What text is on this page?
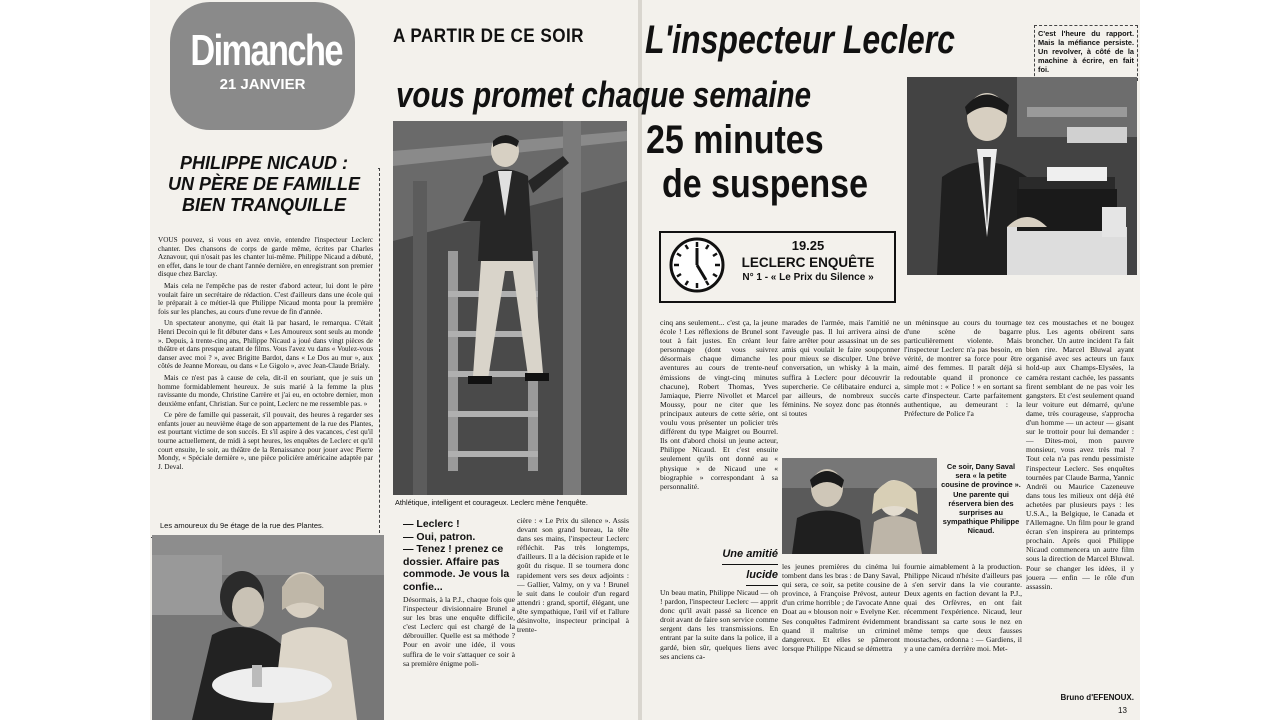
Dimanche
21 JANVIER
A PARTIR DE CE SOIR L'inspecteur Leclerc
vous promet chaque semaine
25 minutes
de suspense
PHILIPPE NICAUD :
UN PÈRE DE FAMILLE
BIEN TRANQUILLE

VOUS pouvez, si vous en avez envie, entendre l'inspecteur Leclerc chanter. Des chansons de corps de garde même, écrites par Charles Aznavour, qui n'osait pas les chanter lui-même. Philippe Nicaud a débuté, en effet, dans le tour de chant l'année dernière, en enregistrant son premier disque chez Barclay.

Mais cela ne l'empêche pas de rester d'abord acteur, lui dont le père voulait faire un secrétaire de rédaction. C'est d'ailleurs dans une école qui le préparait à ce métier-là que Philippe Nicaud monta pour la première fois sur les planches, au cours d'une revue de fin d'année.

Un spectateur anonyme, qui était là par hasard, le remarqua. C'était Henri Decoin qui le fit débuter dans « Les Amoureux sont seuls au monde ». Depuis, à trente-cinq ans, Philippe Nicaud a joué dans vingt pièces de théâtre et dans presque autant de films. Vous l'avez vu dans « Voulez-vous danser avec moi ? », avec Brigitte Bardot, dans « Le Dos au mur », aux côtés de Jeanne Moreau, ou dans « Le Gigolo », avec Jean-Claude Brialy.

Mais ce n'est pas à cause de cela, dit-il en souriant, que je suis un homme formidablement heureux. Je suis marié à la femme la plus ravissante du monde, Christine Carrère et j'ai eu, en octobre dernier, mon deuxième enfant, Christian. Sur ce point, Leclerc ne me ressemble pas. »

Ce père de famille qui passerait, s'il pouvait, des heures à regarder ses enfants jouer au neuvième étage de son appartement de la rue des Plantes, est pourtant victime de son succès. Et s'il aspire à des vacances, c'est qu'il tourne actuellement, de midi à sept heures, les enquêtes de Leclerc et qu'il court ensuite, le soir, au théâtre de la Renaissance pour jouer avec Pierre Mondy, « Spéciale dernière », une pièce policière américaine adaptée par J. Deval.

Les amoureux du 9e étage de la rue des Plantes.
Athlétique, intelligent et courageux. Leclerc mène l'enquête.
— Leclerc !
— Oui, patron.
— Tenez ! prenez ce dossier. Affaire pas commode. Je vous la confie...
Désormais, à la P.J., chaque fois que l'inspecteur divisionnaire Brunel a sur les bras une enquête difficile, c'est Leclerc qui est chargé de la débrouiller. Quelle est sa méthode ? Pour en avoir une idée, il vous suffira de le voir s'attaquer ce soir à sa première énigme poli-
cière : « Le Prix du silence ». Assis devant son grand bureau, la tête dans ses mains, l'inspecteur Leclerc réfléchit. Pas très longtemps, d'ailleurs. Il a la décision rapide et le goût du risque. Il se tournera donc rapidement vers ses deux adjoints : — Gallier, Valmy, on y va ! Brunel le suit dans le couloir d'un regard attendri : grand, sportif, élégant, une tête sympathique, l'œil vif et l'allure désinvolte, inspecteur principal à trente-
19.25
LECLERC ENQUÊTE
N° 1 - « Le Prix du Silence »
C'est l'heure du rapport. Mais la méfiance persiste. Un revolver, à côté de la machine à écrire, en fait foi.
cinq ans seulement... c'est ça, la jeune école ! Les réflexions de Brunel sont tout à fait justes. En créant leur personnage (dont vous suivrez désormais chaque dimanche les aventures au cours de trente-neuf émissions de vingt-cinq minutes chacune), Robert Thomas, Yves Jamiaque, Pierre Nivollet et Marcel Moussy, pour ne citer que les principaux auteurs de cette série, ont voulu vous présenter un policier très différent du type Maigret ou Bourrel. Ils ont d'abord choisi un jeune acteur, Philippe Nicaud. Et c'est ensuite seulement qu'ils ont donné au « physique » de Nicaud une « biographie » correspondant à sa personnalité.
Une amitié
lucide
Un beau matin, Philippe Nicaud — oh ! pardon, l'inspecteur Leclerc — apprit donc qu'il avait passé sa licence en droit avant de faire son service comme sergent dans les transmissions. En entrant par la suite dans la police, il a gardé, bien sûr, quelques liens avec ses anciens ca-
marades de l'armée, mais l'amitié ne l'aveugle pas. Il lui arrivera ainsi de faire arrêter pour assassinat un de ses amis qui voulait le faire soupçonner pour mieux se disculper. Une brève conversation, un whisky à la main, suffira à Leclerc pour découvrir la supercherie. Ce célibataire endurci a, par ailleurs, de nombreux succès féminins. Ne soyez donc pas étonnés si toutes
un méninsque au cours du tournage d'une scène de bagarre particulièrement violente. Mais l'inspecteur Leclerc n'a pas besoin, en vérité, de montrer sa force pour être aimé des femmes. Il paraît déjà si redoutable quand il prononce ce simple mot : « Police ! » en sortant sa carte d'inspecteur. Carte parfaitement authentique, au demeurant : la Préfecture de Police l'a
Ce soir, Dany Saval sera « la petite cousine de province ». Une parente qui réservera bien des surprises au sympathique Philippe Nicaud.
les jeunes premières du cinéma lui tombent dans les bras : de Dany Saval, qui sera, ce soir, sa petite cousine de province, à Françoise Prévost, auteur d'un crime horrible ; de l'avocate Anne Doat au « blouson noir » Evelyne Ker. Ses conquêtes l'admirent évidemment quand il maîtrise un criminel dangereux. Et elles se pâmeront lorsque Philippe Nicaud se démettra
fournie aimablement à la production. Philippe Nicaud n'hésite d'ailleurs pas à s'en servir dans la vie courante. Deux agents en faction devant la P.J., quai des Orfèvres, en ont fait récemment l'expérience. Nicaud, leur brandissant sa carte sous le nez en même temps que deux fausses moustaches, ordonna : — Gardiens, il y a une caméra derrière moi. Met-
tez ces moustaches et ne bougez plus. Les agents obéirent sans broncher. Un autre incident l'a fait bien rire. Marcel Bluwal ayant organisé avec ses acteurs un faux hold-up aux Champs-Elysées, la caméra restant cachée, les passants firent semblant de ne pas voir les gangsters. Et c'est seulement quand leur voiture eut démarré, qu'une dame, très courageuse, s'approcha d'un homme — un acteur — gisant sur le trottoir pour lui demander : — Dites-moi, mon pauvre monsieur, vous avez très mal ? Tout cela n'a pas rendu pessimiste l'inspecteur Leclerc. Ses enquêtes tournées par Claude Barma, Yannic Andréi ou Maurice Cazeneuve dans tous les milieux ont déjà été achetées par plusieurs pays : les U.S.A., la Belgique, le Canada et l'Allemagne. Un film pour le grand écran s'en inspirera au printemps prochain. Après quoi Philippe Nicaud commencera un autre film sous la direction de Marcel Bluwal. Pour se changer les idées, il y jouera — enfin — le rôle d'un assassin.
Bruno d'EFENOUX.
13
